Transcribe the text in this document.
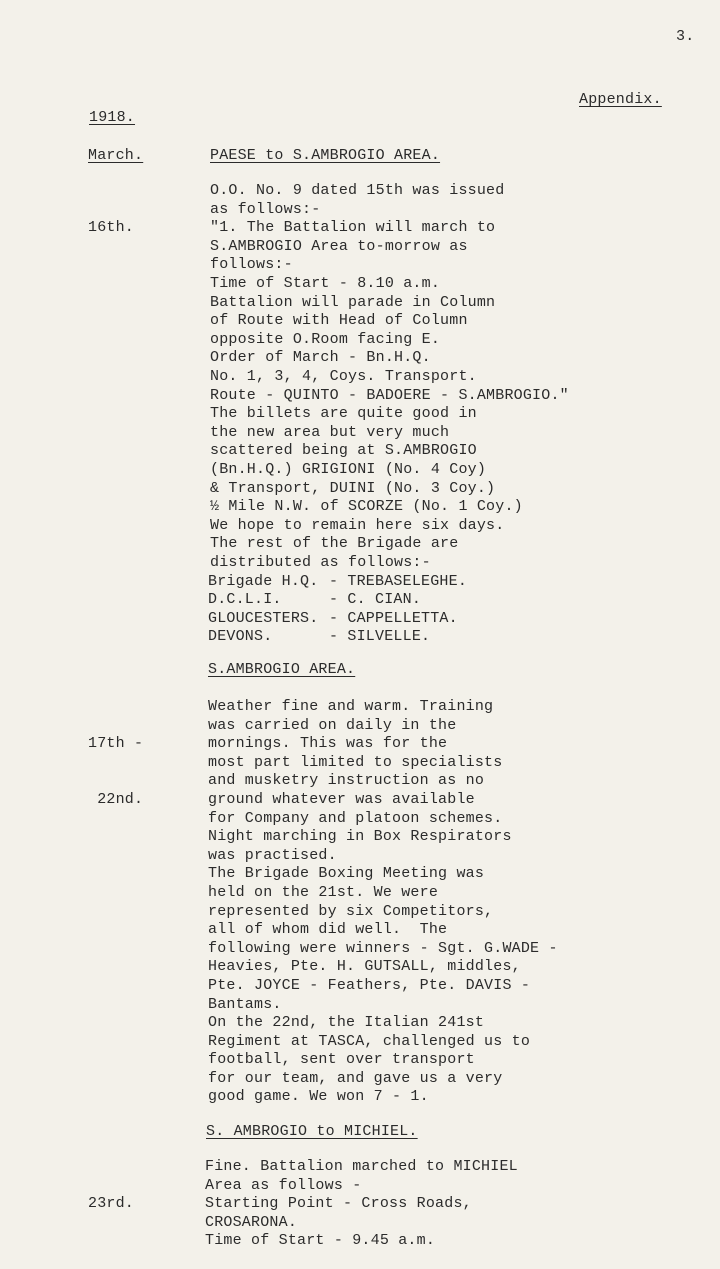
3.
Appendix.
1918.
March.	PAESE to S.AMBROGIO AREA.

16th.

O.O. No. 9 dated 15th was issued
as follows:-
"1. The Battalion will march to
S.AMBROGIO Area to-morrow as
follows:-
Time of Start - 8.10 a.m.
Battalion will parade in Column
of Route with Head of Column
opposite O.Room facing E.
Order of March - Bn.H.Q.
No. 1, 3, 4, Coys. Transport.
Route - QUINTO - BADOERE - S.AMBROGIO."
The billets are quite good in
the new area but very much
scattered being at S.AMBROGIO
(Bn.H.Q.) GRIGIONI (No. 4 Coy)
& Transport, DUINI (No. 3 Coy.)
½ Mile N.W. of SCORZE (No. 1 Coy.)
We hope to remain here six days.
The rest of the Brigade are
distributed as follows:-
Brigade H.Q. - TREBASELEGHE.
D.C.L.I.	- C. CIAN.
GLOUCESTERS. - CAPPELLETTA.
DEVONS.	- SILVELLE.
S.AMBROGIO AREA.

17th -

22nd.

Weather fine and warm. Training
was carried on daily in the
mornings. This was for the
most part limited to specialists
and musketry instruction as no
ground whatever was available
for Company and platoon schemes.
Night marching in Box Respirators
was practised.
The Brigade Boxing Meeting was
held on the 21st. We were
represented by six Competitors,
all of whom did well.  The
following were winners - Sgt. G.WADE -
Heavies, Pte. H. GUTSALL, middles,
Pte. JOYCE - Feathers, Pte. DAVIS -
Bantams.
On the 22nd, the Italian 241st
Regiment at TASCA, challenged us to
football, sent over transport
for our team, and gave us a very
good game. We won 7 - 1.
S. AMBROGIO to MICHIEL.

23rd.

Fine. Battalion marched to MICHIEL
Area as follows -
Starting Point - Cross Roads,
CROSARONA.
Time of Start - 9.45 a.m.
